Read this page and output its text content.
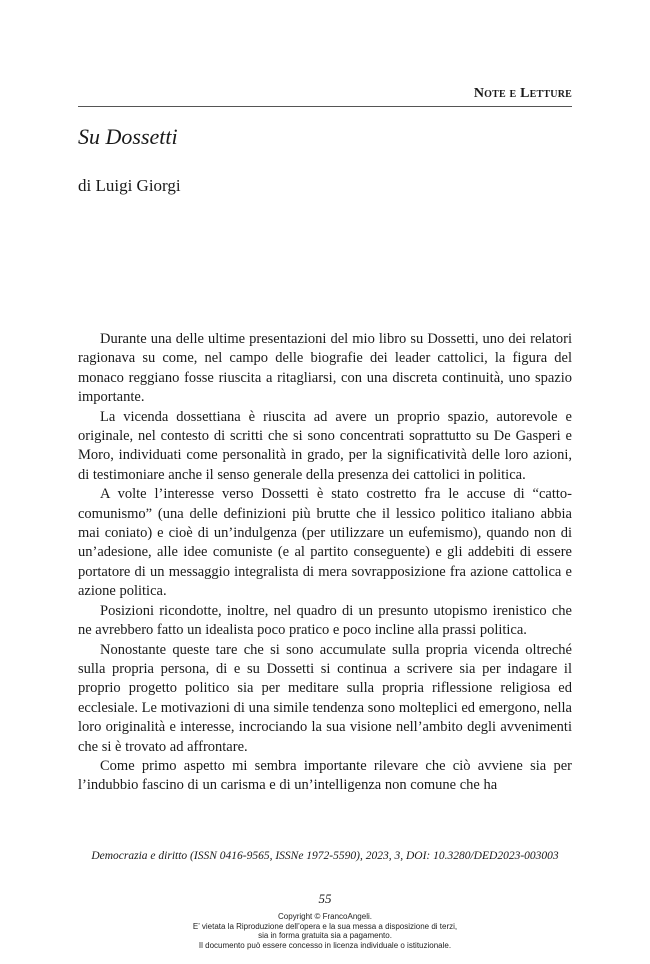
Note e Letture
Su Dossetti
di Luigi Giorgi

Durante una delle ultime presentazioni del mio libro su Dossetti, uno dei relatori ragionava su come, nel campo delle biografie dei leader cattolici, la figura del monaco reggiano fosse riuscita a ritagliarsi, con una discreta continuità, uno spazio importante.

La vicenda dossettiana è riuscita ad avere un proprio spazio, autorevole e originale, nel contesto di scritti che si sono concentrati soprattutto su De Gasperi e Moro, individuati come personalità in grado, per la significatività delle loro azioni, di testimoniare anche il senso generale della presenza dei cattolici in politica.

A volte l’interesse verso Dossetti è stato costretto fra le accuse di “catto-comunismo” (una delle definizioni più brutte che il lessico politico italiano abbia mai coniato) e cioè di un’indulgenza (per utilizzare un eufemismo), quando non di un’adesione, alle idee comuniste (e al partito conseguente) e gli addebiti di essere portatore di un messaggio integralista di mera sovrapposizione fra azione cattolica e azione politica.

Posizioni ricondotte, inoltre, nel quadro di un presunto utopismo irenistico che ne avrebbero fatto un idealista poco pratico e poco incline alla prassi politica.

Nonostante queste tare che si sono accumulate sulla propria vicenda oltreché sulla propria persona, di e su Dossetti si continua a scrivere sia per indagare il proprio progetto politico sia per meditare sulla propria riflessione religiosa ed ecclesiale. Le motivazioni di una simile tendenza sono molteplici ed emergono, nella loro originalità e interesse, incrociando la sua visione nell’ambito degli avvenimenti che si è trovato ad affrontare.

Come primo aspetto mi sembra importante rilevare che ciò avviene sia per l’indubbio fascino di un carisma e di un’intelligenza non comune che ha

Democrazia e diritto (ISSN 0416-9565, ISSNe 1972-5590), 2023, 3, DOI: 10.3280/DED2023-003003
55
Copyright © FrancoAngeli.
E’ vietata la Riproduzione dell’opera e la sua messa a disposizione di terzi,
sia in forma gratuita sia a pagamento.
Il documento può essere concesso in licenza individuale o istituzionale.
